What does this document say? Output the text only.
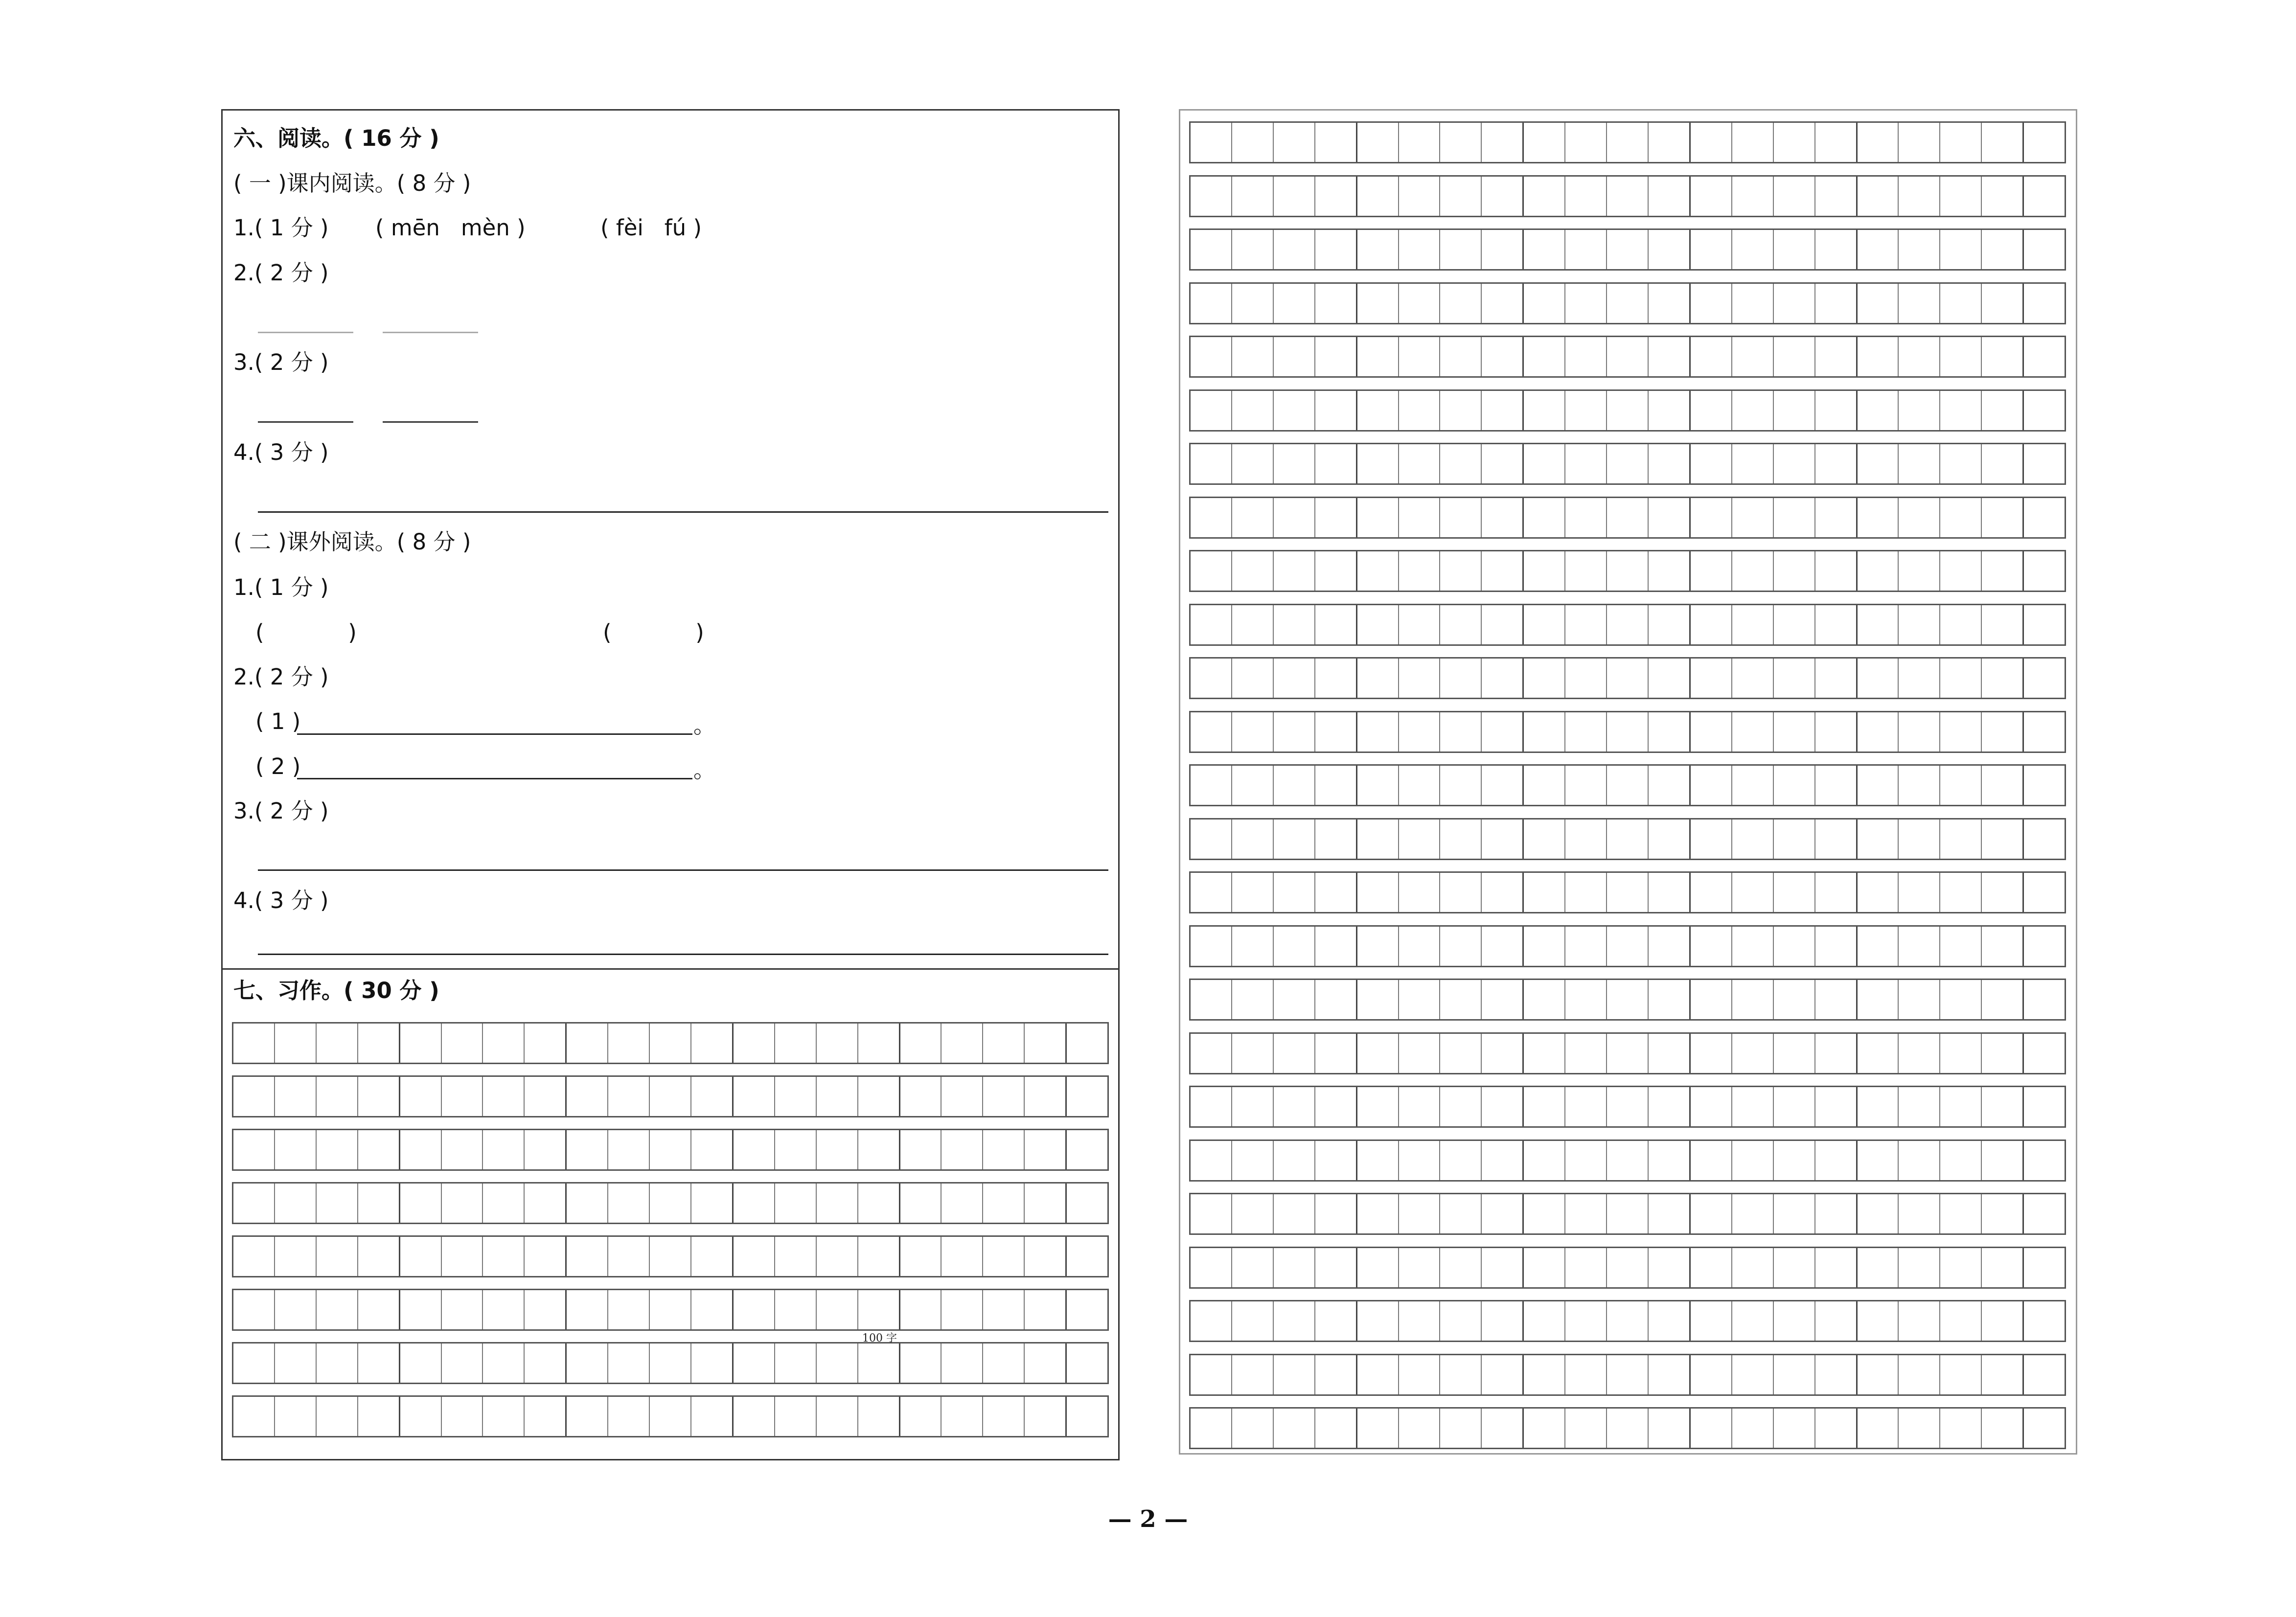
六、阅读。( 16 分 )
( 一 )课内阅读。( 8 分 )
1.( 1 分 ) ( mēn   mèn )	( fèi   fú )
2.( 2 分 )
3.( 2 分 )
4.( 3 分 )
( 二 )课外阅读。( 8 分 )
1.( 1 分 )
(            )	(            )
2.( 2 分 )
( 1 )	。
( 2 )	。
3.( 2 分 )
4.( 3 分 )
七、习作。( 30 分 )
100 字
— 2 —
